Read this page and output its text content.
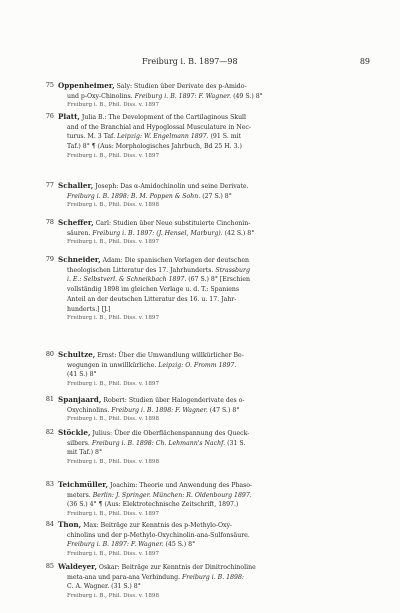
Freiburg i. B. 1897—98	89
75 Oppenheimer, Saly: Studien über Derivate des p-Amido-
und p-Oxy-Chinolins. Freiburg i. B. 1897: F. Wagner. (49 S.) 8°
Freiburg i. B., Phil. Diss. v. 1897
76 Platt, Julia B.: The Development of the Cartilaginous Skull
and of the Branchial and Hypoglossal Musculature in Nec-
turus. M. 3 Taf. Leipzig: W. Engelmann 1897. (91 S. mit
Taf.) 8° ¶ (Aus: Morphologisches Jahrbuch, Bd 25 H. 3.)
Freiburg i. B., Phil. Diss. v. 1897
77 Schaller, Joseph: Das α-Amidochinolin und seine Derivate.
Freiburg i. B. 1898: B. M. Poppen & Sohn. (27 S.) 8°
Freiburg i. B., Phil. Diss. v. 1898
78 Scheffer, Carl: Studien über Neue substituierte Cinchonin-
säuren. Freiburg i. B. 1897: (J. Hensel, Marburg). (42 S.) 8°
Freiburg i. B., Phil. Diss. v. 1897
79 Schneider, Adam: Die spanischen Vorlagen der deutschen
theologischen Litteratur des 17. Jahrhunderts. Strassburg
i. E.: Selbstverl. & Schneikbach 1897. (67 S.) 8° [Erschien
vollständig 1898 im gleichen Verlage u. d. T.: Spaniens
Anteil an der deutschen Litteratur des 16. u. 17. Jahr-
hunderts.] [J.]
Freiburg i. B., Phil. Diss. v. 1897
80 Schultze, Ernst: Über die Umwandlung willkürlicher Be-
wegungen in unwillkürliche. Leipzig: O. Fromm 1897.
(41 S.) 8°
Freiburg i. B., Phil. Diss. v. 1897
81 Spanjaard, Robert: Studien über Halogenderivate des o-
Oxychinolins. Freiburg i. B. 1898: F. Wagner. (47 S.) 8°
Freiburg i. B., Phil. Diss. v. 1898
82 Stöckle, Julius: Über die Oberflächenspannung des Queck-
silbers. Freiburg i. B. 1898: Ch. Lehmann's Nachf. (31 S.
mit Taf.) 8°
Freiburg i. B., Phil. Diss. v. 1898
83 Teichmüller, Joachim: Theorie und Anwendung des Phaso-
meters. Berlin: J. Springer. München: R. Oldenbourg 1897.
(36 S.) 4° ¶ (Aus: Elektrotechnische Zeitschrift, 1897.)
Freiburg i. B., Phil. Diss. v. 1897
84 Thon, Max: Beiträge zur Kenntnis des p-Methylo-Oxy-
chinolins und der p-Methylo-Oxychinolin-ana-Sulfonsäure.
Freiburg i. B. 1897: F. Wagner. (45 S.) 8°
Freiburg i. B., Phil. Diss. v. 1897
85 Waldeyer, Oskar: Beiträge zur Kenntnis der Dinitrochinoline
meta-ana und para-ana Verbindung. Freiburg i. B. 1898:
C. A. Wagner. (31 S.) 8°
Freiburg i. B., Phil. Diss. v. 1898
